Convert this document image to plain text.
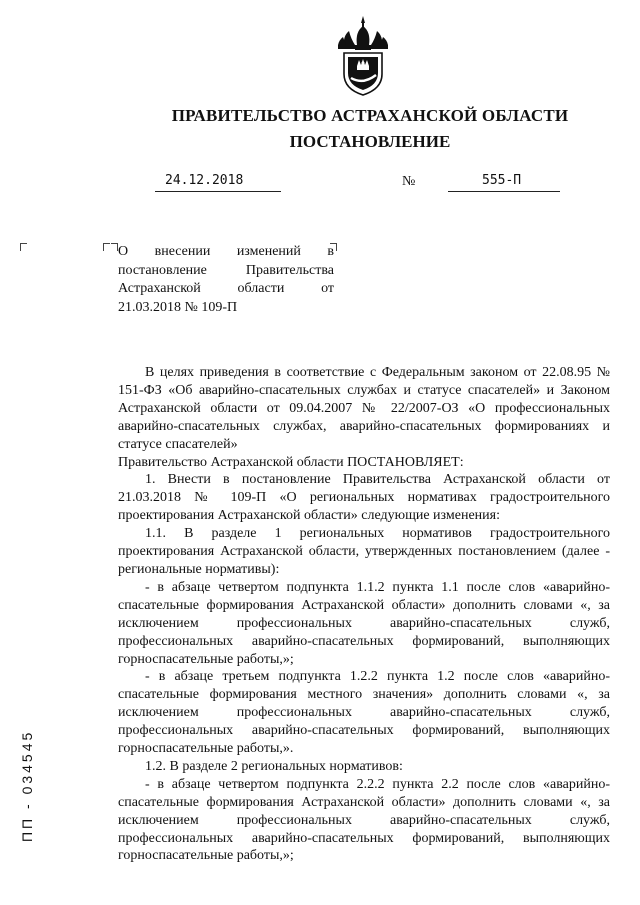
ПРАВИТЕЛЬСТВО АСТРАХАНСКОЙ ОБЛАСТИ
ПОСТАНОВЛЕНИЕ
24.12.2018	№	555-П
О внесении изменений в постановление Правительства Астраханской области от 21.03.2018 № 109-П

В целях приведения в соответствие с Федеральным законом от 22.08.95 № 151-ФЗ «Об аварийно-спасательных службах и статусе спасателей» и Законом Астраханской области от 09.04.2007 № 22/2007-ОЗ «О профессиональных аварийно-спасательных службах, аварийно-спасательных формированиях и статусе спасателей»

Правительство Астраханской области ПОСТАНОВЛЯЕТ:

1. Внести в постановление Правительства Астраханской области от 21.03.2018 № 109-П «О региональных нормативах градостроительного проектирования Астраханской области» следующие изменения:

1.1. В разделе 1 региональных нормативов градостроительного проектирования Астраханской области, утвержденных постановлением (далее - региональные нормативы):

- в абзаце четвертом подпункта 1.1.2 пункта 1.1 после слов «аварийно-спасательные формирования Астраханской области» дополнить словами «, за исключением профессиональных аварийно-спасательных служб, профессиональных аварийно-спасательных формирований, выполняющих горноспасательные работы,»;

- в абзаце третьем подпункта 1.2.2 пункта 1.2 после слов «аварийно-спасательные формирования местного значения» дополнить словами «, за исключением профессиональных аварийно-спасательных служб, профессиональных аварийно-спасательных формирований, выполняющих горноспасательные работы,».

1.2. В разделе 2 региональных нормативов:

- в абзаце четвертом подпункта 2.2.2 пункта 2.2 после слов «аварийно-спасательные формирования Астраханской области» дополнить словами «, за исключением профессиональных аварийно-спасательных служб, профессиональных аварийно-спасательных формирований, выполняющих горноспасательные работы,»;

ПП - 034545
